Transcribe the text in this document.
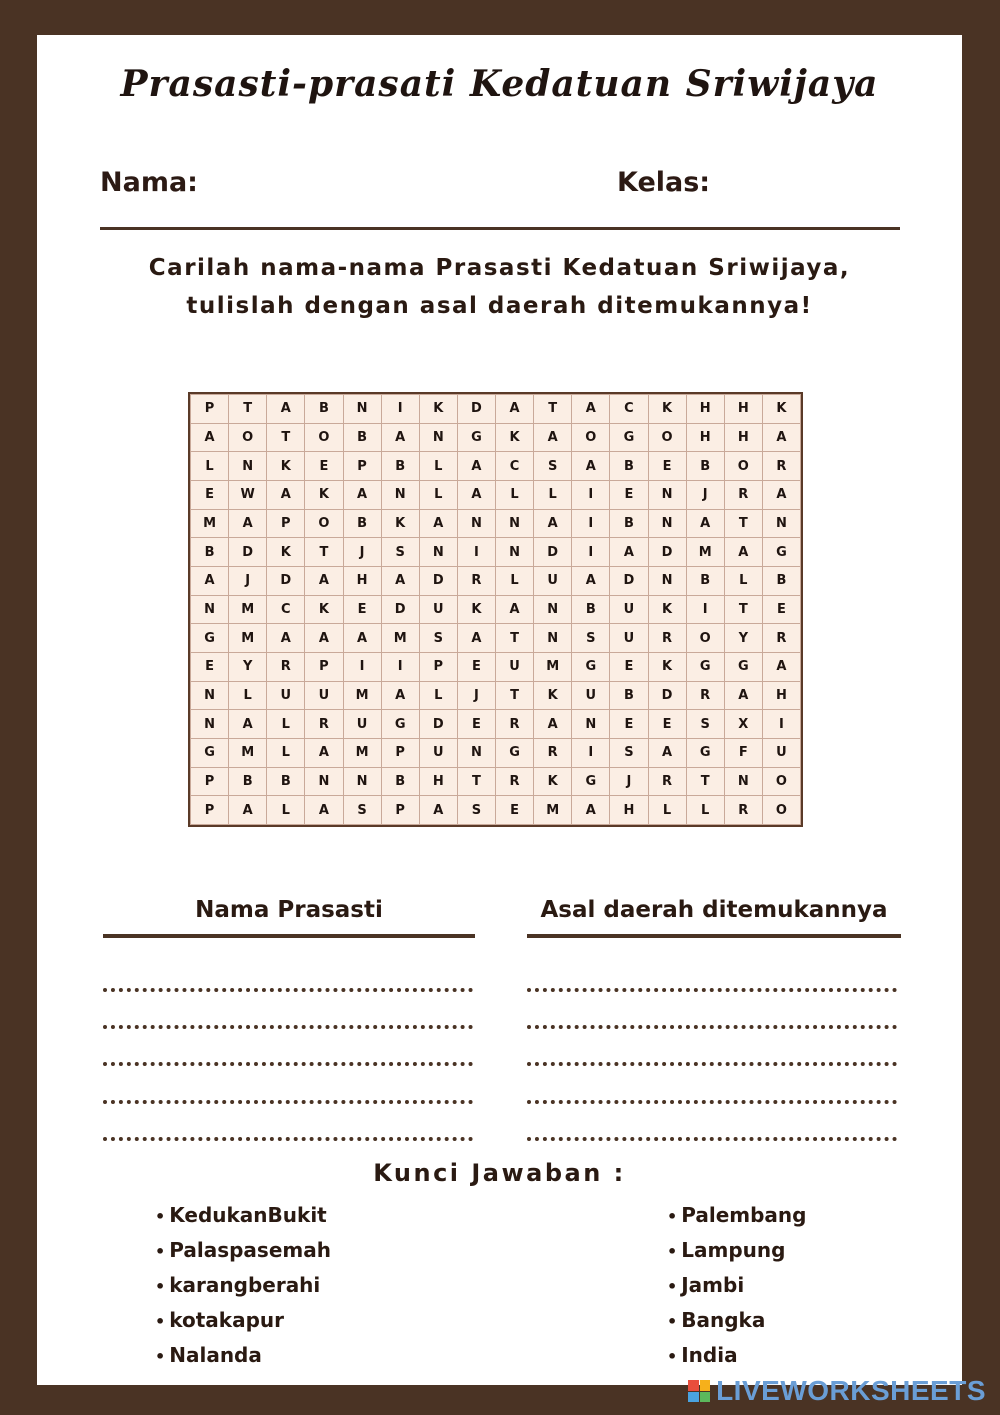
Prasasti-prasati Kedatuan Sriwijaya
Nama:	Kelas:
Carilah nama-nama Prasasti Kedatuan Sriwijaya,
tulislah dengan asal daerah ditemukannya!
P	T	A	B	N	I	K	D	A	T	A	C	K	H	H	K
A	O	T	O	B	A	N	G	K	A	O	G	O	H	H	A
L	N	K	E	P	B	L	A	C	S	A	B	E	B	O	R
E	W	A	K	A	N	L	A	L	L	I	E	N	J	R	A
M	A	P	O	B	K	A	N	N	A	I	B	N	A	T	N
B	D	K	T	J	S	N	I	N	D	I	A	D	M	A	G
A	J	D	A	H	A	D	R	L	U	A	D	N	B	L	B
N	M	C	K	E	D	U	K	A	N	B	U	K	I	T	E
G	M	A	A	A	M	S	A	T	N	S	U	R	O	Y	R
E	Y	R	P	I	I	P	E	U	M	G	E	K	G	G	A
N	L	U	U	M	A	L	J	T	K	U	B	D	R	A	H
N	A	L	R	U	G	D	E	R	A	N	E	E	S	X	I
G	M	L	A	M	P	U	N	G	R	I	S	A	G	F	U
P	B	B	N	N	B	H	T	R	K	G	J	R	T	N	O
P	A	L	A	S	P	A	S	E	M	A	H	L	L	R	O
Nama Prasasti	Asal daerah ditemukannya
Kunci Jawaban :
• KedukanBukit
• Palaspasemah
• karangberahi
• kotakapur
• Nalanda
• Palembang
• Lampung
• Jambi
• Bangka
• India
LIVEWORKSHEETS
